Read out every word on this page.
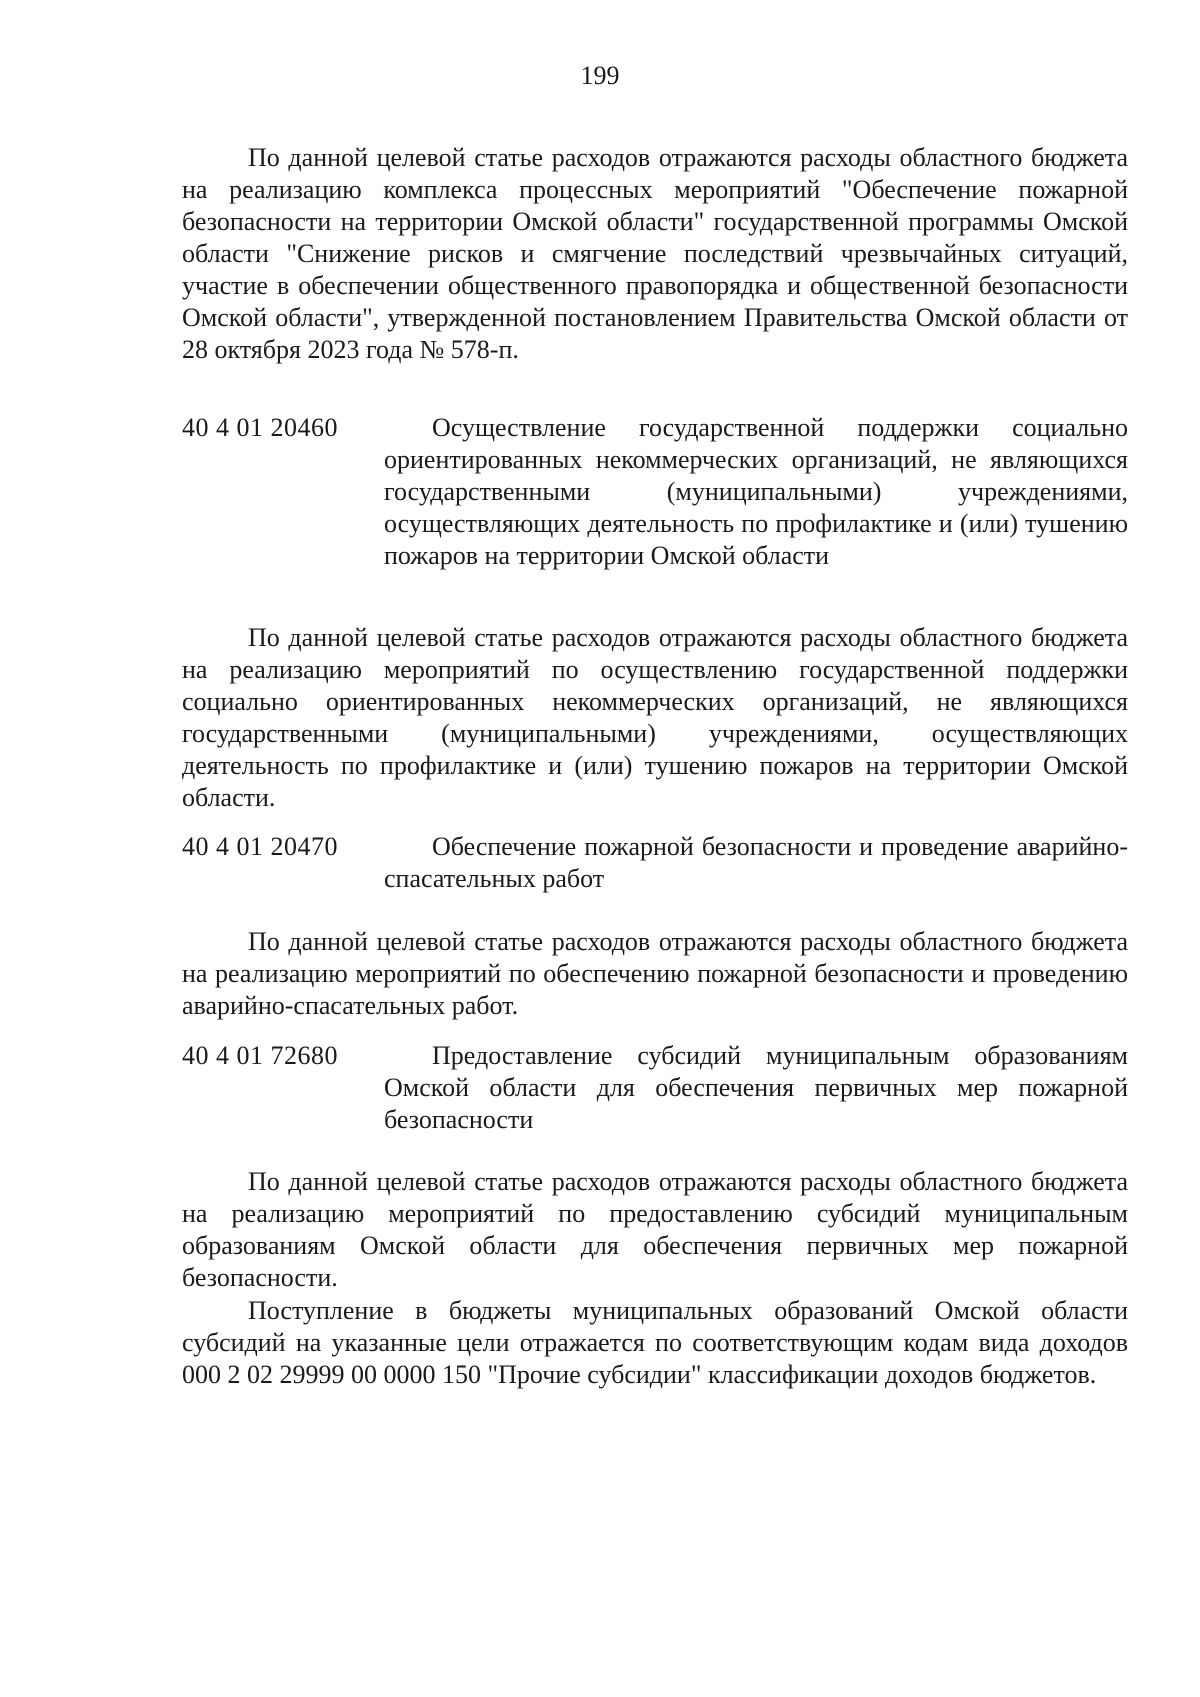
199

По данной целевой статье расходов отражаются расходы областного бюджета на реализацию комплекса процессных мероприятий "Обеспечение пожарной безопасности на территории Омской области" государственной программы Омской области "Снижение рисков и смягчение последствий чрезвычайных ситуаций, участие в обеспечении общественного правопорядка и общественной безопасности Омской области", утвержденной постановлением Правительства Омской области от 28 октября 2023 года № 578-п.

40 4 01 20460	Осуществление государственной поддержки социально ориентированных некоммерческих организаций, не являющихся государственными (муниципальными) учреждениями, осуществляющих деятельность по профилактике и (или) тушению пожаров на территории Омской области

По данной целевой статье расходов отражаются расходы областного бюджета на реализацию мероприятий по осуществлению государственной поддержки социально ориентированных некоммерческих организаций, не являющихся государственными (муниципальными) учреждениями, осуществляющих деятельность по профилактике и (или) тушению пожаров на территории Омской области.

40 4 01 20470	Обеспечение пожарной безопасности и проведение аварийно-спасательных работ

По данной целевой статье расходов отражаются расходы областного бюджета на реализацию мероприятий по обеспечению пожарной безопасности и проведению аварийно-спасательных работ.

40 4 01 72680	Предоставление субсидий муниципальным образованиям Омской области для обеспечения первичных мер пожарной безопасности

По данной целевой статье расходов отражаются расходы областного бюджета на реализацию мероприятий по предоставлению субсидий муниципальным образованиям Омской области для обеспечения первичных мер пожарной безопасности.

Поступление в бюджеты муниципальных образований Омской области субсидий на указанные цели отражается по соответствующим кодам вида доходов 000 2 02 29999 00 0000 150 "Прочие субсидии" классификации доходов бюджетов.
